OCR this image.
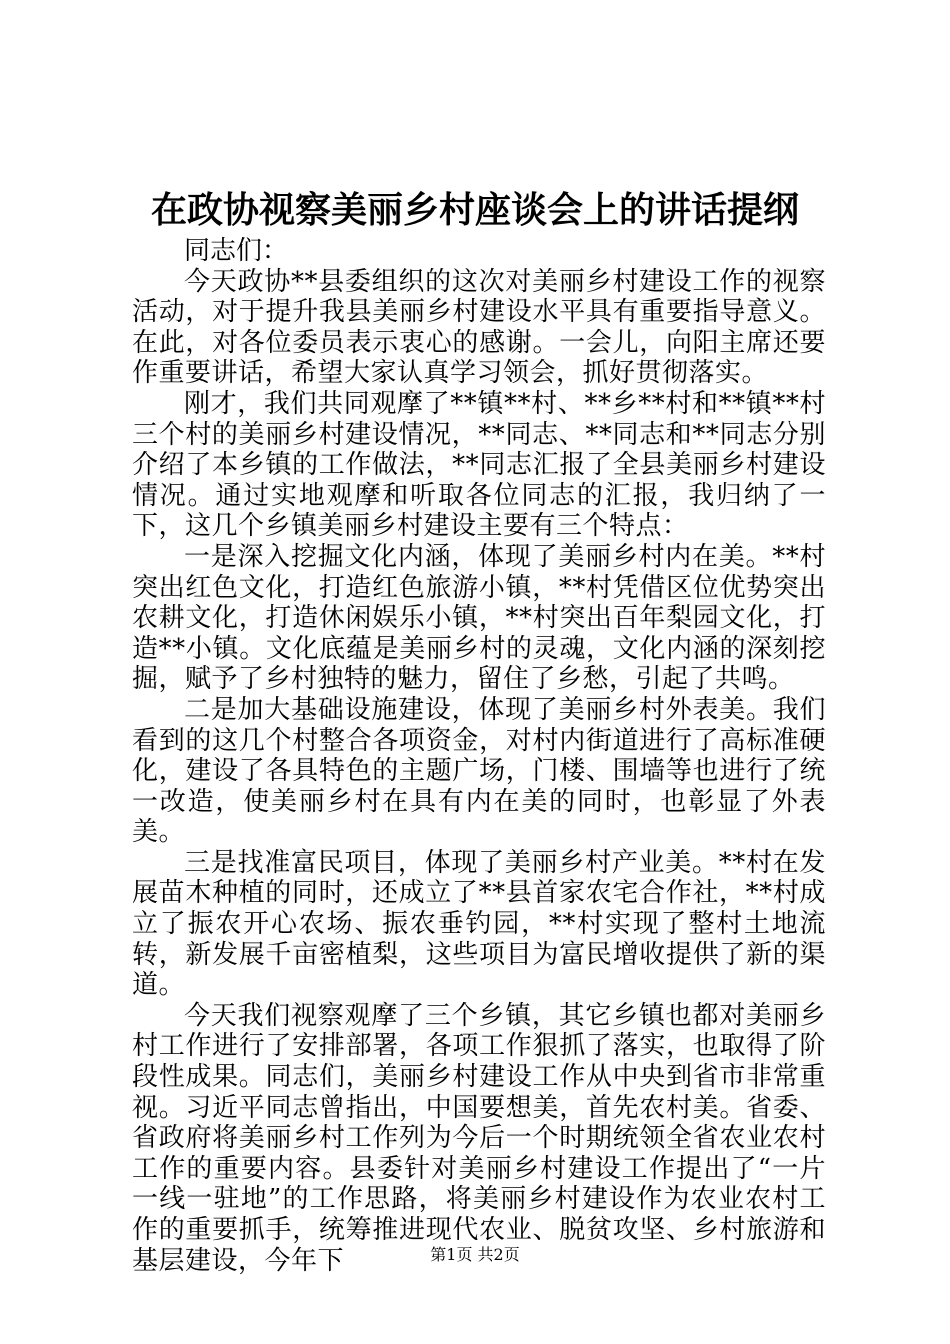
在政协视察美丽乡村座谈会上的讲话提纲

同志们：

今天政协**县委组织的这次对美丽乡村建设工作的视察活动，对于提升我县美丽乡村建设水平具有重要指导意义。在此，对各位委员表示衷心的感谢。一会儿，向阳主席还要作重要讲话，希望大家认真学习领会，抓好贯彻落实。

刚才，我们共同观摩了**镇**村、**乡**村和**镇**村三个村的美丽乡村建设情况，**同志、**同志和**同志分别介绍了本乡镇的工作做法，**同志汇报了全县美丽乡村建设情况。通过实地观摩和听取各位同志的汇报，我归纳了一下，这几个乡镇美丽乡村建设主要有三个特点：

一是深入挖掘文化内涵，体现了美丽乡村内在美。**村突出红色文化，打造红色旅游小镇，**村凭借区位优势突出农耕文化，打造休闲娱乐小镇，**村突出百年梨园文化，打造**小镇。文化底蕴是美丽乡村的灵魂，文化内涵的深刻挖掘，赋予了乡村独特的魅力，留住了乡愁，引起了共鸣。

二是加大基础设施建设，体现了美丽乡村外表美。我们看到的这几个村整合各项资金，对村内街道进行了高标准硬化，建设了各具特色的主题广场，门楼、围墙等也进行了统一改造，使美丽乡村在具有内在美的同时，也彰显了外表美。

三是找准富民项目，体现了美丽乡村产业美。**村在发展苗木种植的同时，还成立了**县首家农宅合作社，**村成立了振农开心农场、振农垂钓园，**村实现了整村土地流转，新发展千亩密植梨，这些项目为富民增收提供了新的渠道。

今天我们视察观摩了三个乡镇，其它乡镇也都对美丽乡村工作进行了安排部署，各项工作狠抓了落实，也取得了阶段性成果。同志们，美丽乡村建设工作从中央到省市非常重视。习近平同志曾指出，中国要想美，首先农村美。省委、省政府将美丽乡村工作列为今后一个时期统领全省农业农村工作的重要内容。县委针对美丽乡村建设工作提出了“一片一线一驻地”的工作思路，将美丽乡村建设作为农业农村工作的重要抓手，统筹推进现代农业、脱贫攻坚、乡村旅游和基层建设，今年下	第1页 共2页
